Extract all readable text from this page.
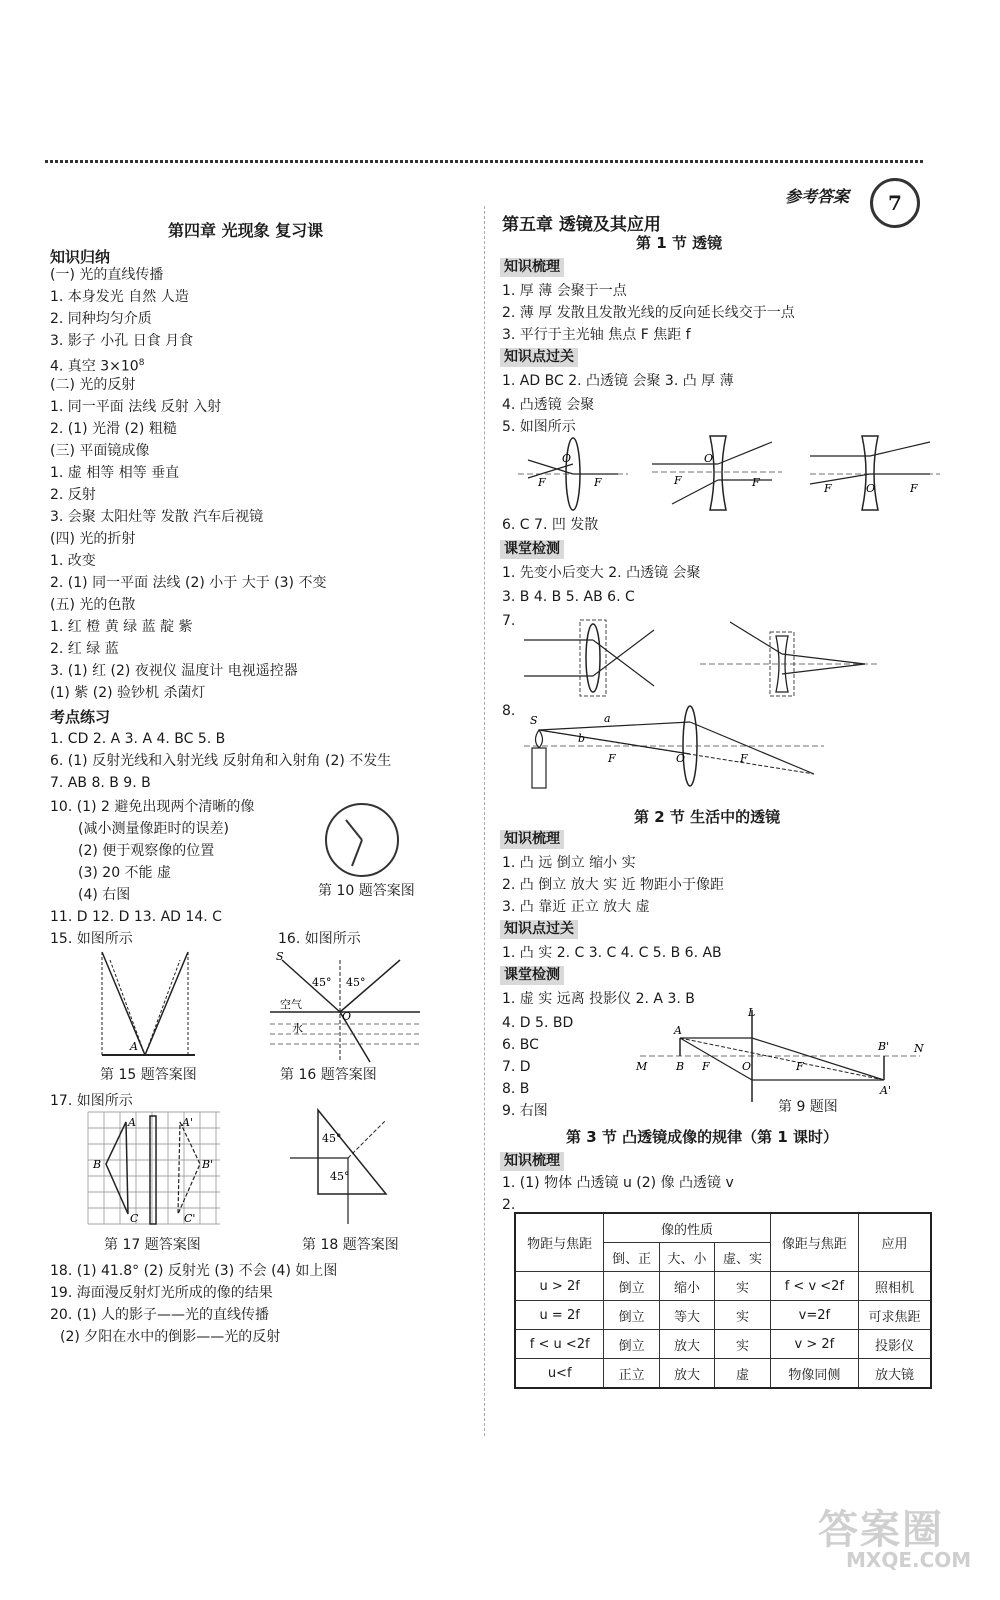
参考答案	7
第四章 光现象 复习课
知识归纳
(一) 光的直线传播
1. 本身发光 自然 人造
2. 同种均匀介质
3. 影子 小孔 日食 月食
4. 真空 $3\times 10^8$
(二) 光的反射
1. 同一平面 法线 反射 入射
2. (1) 光滑 (2) 粗糙
(三) 平面镜成像
1. 虚 相等 相等 垂直
2. 反射
3. 会聚 太阳灶等 发散 汽车后视镜
(四) 光的折射
1. 改变
2. (1) 同一平面 法线 (2) 小于 大于 (3) 不变
(五) 光的色散
1. 红 橙 黄 绿 蓝 靛 紫
2. 红 绿 蓝
3. (1) 红 (2) 夜视仪 温度计 电视遥控器
(1) 紫 (2) 验钞机 杀菌灯
考点练习
1. CD 2. A 3. A 4. BC 5. B
6. (1) 反射光线和入射光线 反射角和入射角 (2) 不发生
7. AB 8. B 9. B
10. (1) 2 避免出现两个清晰的像
(减小测量像距时的误差)
(2) 便于观察像的位置
(3) 20 不能 虚
(4) 右图	第 10 题答案图
11. D 12. D 13. AD 14. C
15. 如图所示	16. 如图所示
A
第 15 题答案图
S
O
45° 45°
空气
水
第 16 题答案图
17. 如图所示
A	A'
B	B'
C	C'
第 17 题答案图
45°
45°
第 18 题答案图
18. (1) 41.8° (2) 反射光 (3) 不会 (4) 如上图
19. 海面漫反射灯光所成的像的结果
20. (1) 人的影子——光的直线传播
(2) 夕阳在水中的倒影——光的反射
第五章 透镜及其应用
第 1 节 透镜
知识梳理
1. 厚 薄 会聚于一点
2. 薄 厚 发散且发散光线的反向延长线交于一点
3. 平行于主光轴 焦点 F 焦距 f
知识点过关
1. AD BC 2. 凸透镜 会聚 3. 凸 厚 薄
4. 凸透镜 会聚
5. 如图所示
F	F
O
F	F
O
F	F
O
6. C 7. 凹 发散
课堂检测
1. 先变小后变大 2. 凸透镜 会聚
3. B 4. B 5. AB 6. C
7.
8.
S	a
b
F	O	F
第 2 节 生活中的透镜
知识梳理
1. 凸 远 倒立 缩小 实
2. 凸 倒立 放大 实 近 物距小于像距
3. 凸 靠近 正立 放大 虚
知识点过关
1. 凸 实 2. C 3. C 4. C 5. B 6. AB
课堂检测
1. 虚 实 远离 投影仪 2. A 3. B
4. D 5. BD
6. BC
7. D
8. B
9. 右图
A
B F	O	F
L
B'
A'
M
N
第 9 题图
第 3 节 凸透镜成像的规律（第 1 课时）
知识梳理
1. (1) 物体 凸透镜 u (2) 像 凸透镜 v
2.
物距与焦距	像的性质			像距与焦距	应用
	倒、正	大、小	虚、实		
u > 2f	倒立	缩小	实	f < v <2f	照相机
u = 2f	倒立	等大	实	v=2f	可求焦距
f < u <2f	倒立	放大	实	v > 2f	投影仪
u<f	正立	放大	虚	物像同侧	放大镜
答案圈
MXQE.COM
